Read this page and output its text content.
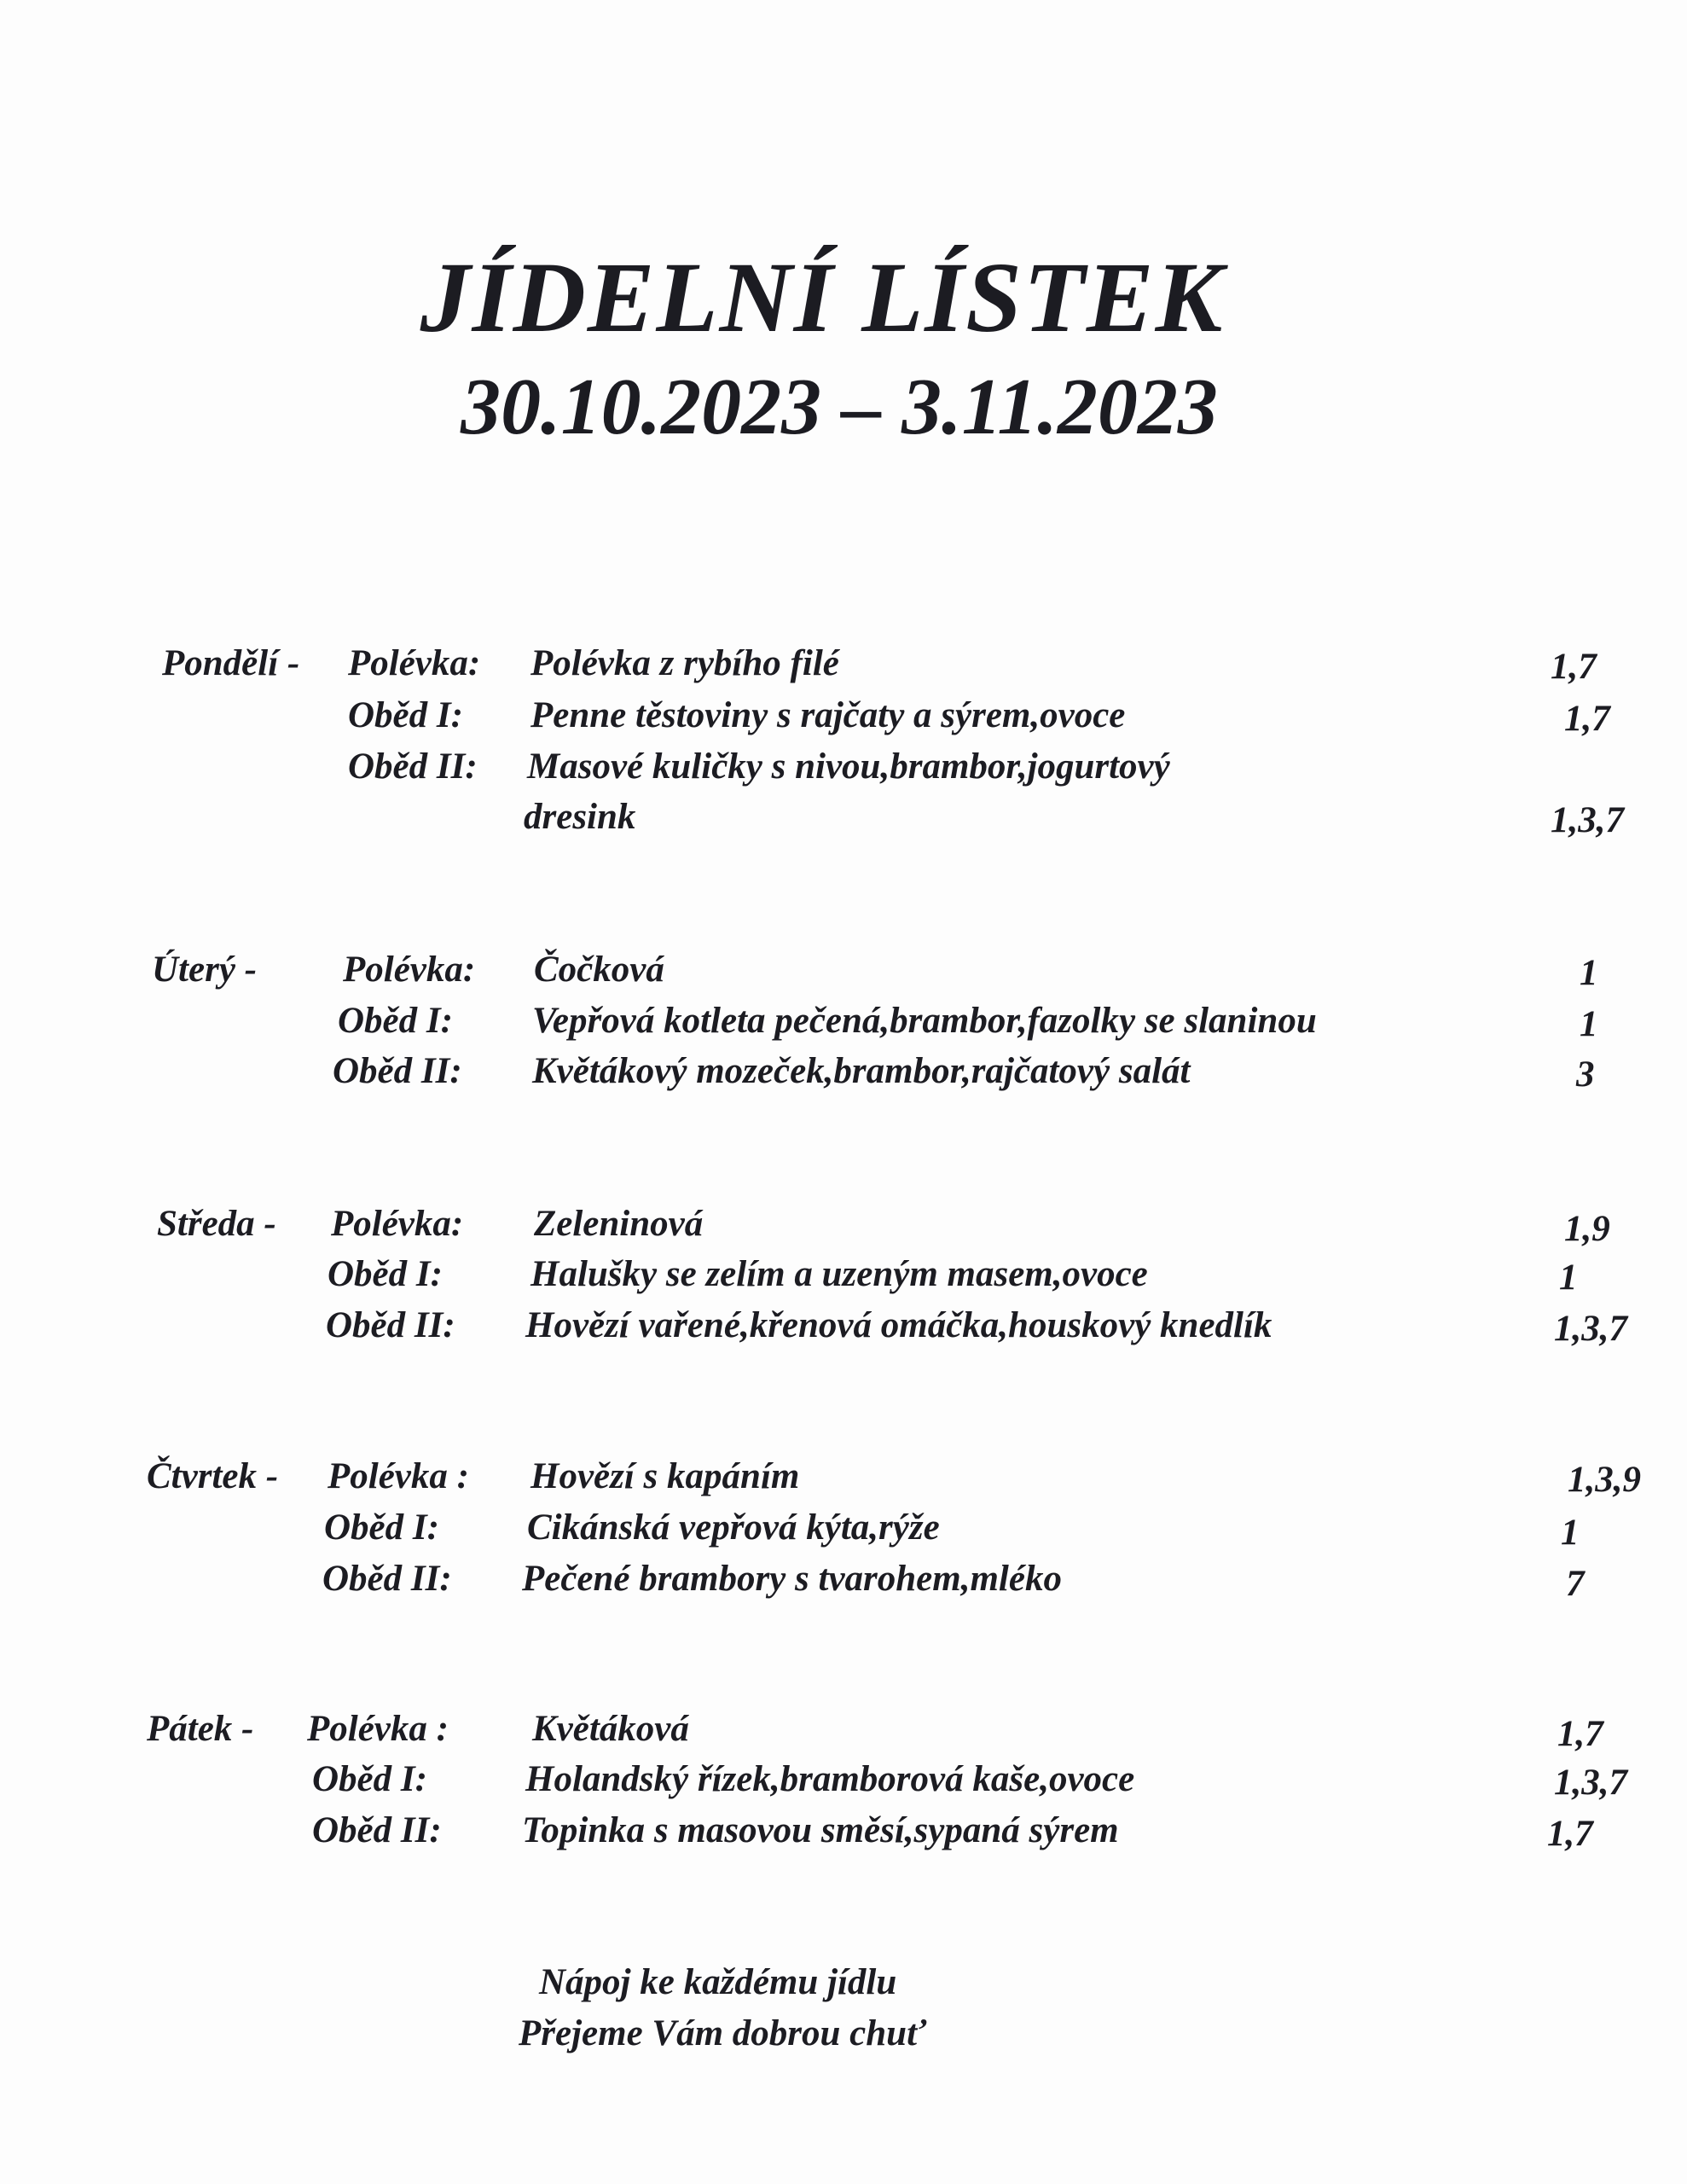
JÍDELNÍ LÍSTEK
30.10.2023 – 3.11.2023
Pondělí - Polévka: Polévka z rybího filé	1,7
Oběd I: Penne těstoviny s rajčaty a sýrem,ovoce	1,7
Oběd II: Masové kuličky s nivou,brambor,jogurtový
dresink	1,3,7
Úterý - Polévka: Čočková	1
Oběd I: Vepřová kotleta pečená,brambor,fazolky se slaninou	1
Oběd II: Květákový mozeček,brambor,rajčatový salát	3
Středa - Polévka: Zeleninová	1,9
Oběd I: Halušky se zelím a uzeným masem,ovoce	1
Oběd II: Hovězí vařené,křenová omáčka,houskový knedlík	1,3,7
Čtvrtek - Polévka : Hovězí s kapáním	1,3,9
Oběd I: Cikánská vepřová kýta,rýže	1
Oběd II: Pečené brambory s tvarohem,mléko	7
Pátek - Polévka : Květáková	1,7
Oběd I:	Holandský řízek,bramborová kaše,ovoce	1,3,7
Oběd II: Topinka s masovou směsí,sypaná sýrem	1,7
Nápoj ke každému jídlu
Přejeme Vám dobrou chuť
